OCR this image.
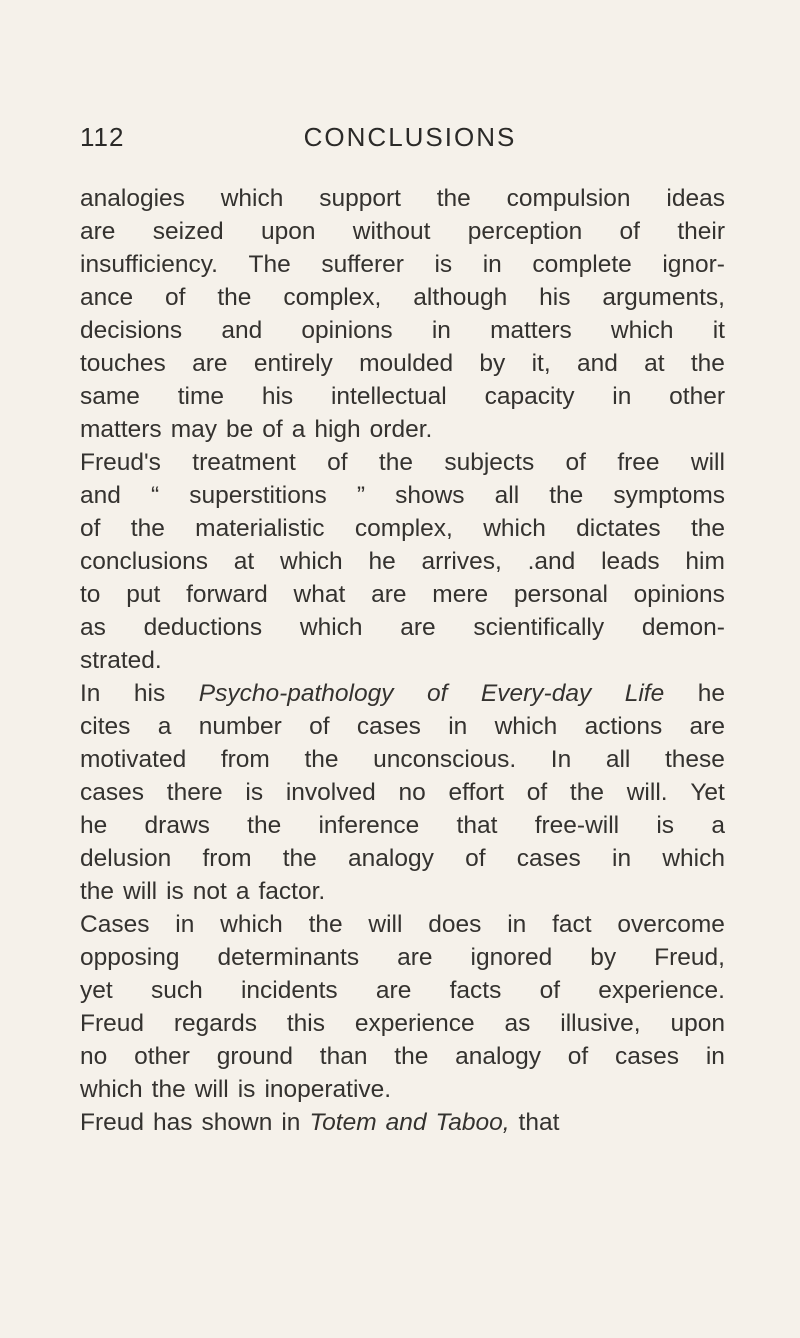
112	CONCLUSIONS
analogies which support the compulsion ideas
are seized upon without perception of their
insufficiency. The sufferer is in complete ignor-
ance of the complex, although his arguments,
decisions and opinions in matters which it
touches are entirely moulded by it, and at the
same time his intellectual capacity in other
matters may be of a high order.
Freud's treatment of the subjects of free will
and “ superstitions ” shows all the symptoms
of the materialistic complex, which dictates the
conclusions at which he arrives, .and leads him
to put forward what are mere personal opinions
as deductions which are scientifically demon-
strated.
In his Psycho-pathology of Every-day Life he
cites a number of cases in which actions are
motivated from the unconscious. In all these
cases there is involved no effort of the will. Yet
he draws the inference that free-will is a
delusion from the analogy of cases in which
the will is not a factor.
Cases in which the will does in fact overcome
opposing determinants are ignored by Freud,
yet such incidents are facts of experience.
Freud regards this experience as illusive, upon
no other ground than the analogy of cases in
which the will is inoperative.
Freud has shown in Totem and Taboo, that
